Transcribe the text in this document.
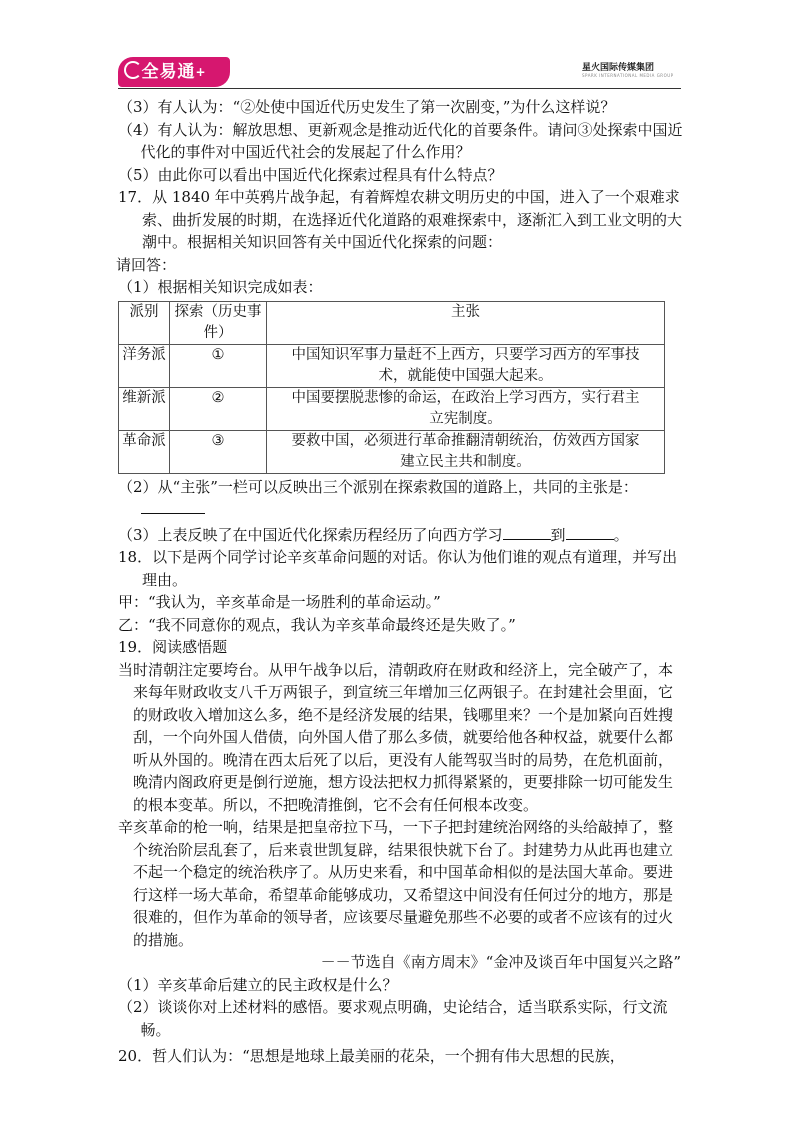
全易通+	星火国际传媒集团
SPARK INTERNATIONAL MEDIA GROUP
（3）有人认为：“②处使中国近代历史发生了第一次剧变，”为什么这样说？
（4）有人认为：解放思想、更新观念是推动近代化的首要条件。请问③处探索中国近代化的事件对中国近代社会的发展起了什么作用？
（5）由此你可以看出中国近代化探索过程具有什么特点？
17．从 1840 年中英鸦片战争起，有着辉煌农耕文明历史的中国，进入了一个艰难求索、曲折发展的时期，在选择近代化道路的艰难探索中，逐渐汇入到工业文明的大潮中。根据相关知识回答有关中国近代化探索的问题：
请回答：
（1）根据相关知识完成如表：
派别	探索（历史事件）	主张
洋务派	①	中国知识军事力量赶不上西方，只要学习西方的军事技术，就能使中国强大起来。
维新派	②	中国要摆脱悲惨的命运，在政治上学习西方，实行君主立宪制度。
革命派	③	要救中国，必须进行革命推翻清朝统治，仿效西方国家建立民主共和制度。
（2）从“主张”一栏可以反映出三个派别在探索救国的道路上，共同的主张是：

（3）上表反映了在中国近代化探索历程经历了向西方学习	到	。
18．以下是两个同学讨论辛亥革命问题的对话。你认为他们谁的观点有道理，并写出理由。
甲：“我认为，辛亥革命是一场胜利的革命运动。”
乙：“我不同意你的观点，我认为辛亥革命最终还是失败了。”
19．阅读感悟题
当时清朝注定要垮台。从甲午战争以后，清朝政府在财政和经济上，完全破产了，本来每年财政收支八千万两银子，到宣统三年增加三亿两银子。在封建社会里面，它的财政收入增加这么多，绝不是经济发展的结果，钱哪里来？一个是加紧向百姓搜刮，一个向外国人借债，向外国人借了那么多债，就要给他各种权益，就要什么都听从外国的。晚清在西太后死了以后，更没有人能驾驭当时的局势，在危机面前，晚清内阁政府更是倒行逆施，想方设法把权力抓得紧紧的，更要排除一切可能发生的根本变革。所以，不把晚清推倒，它不会有任何根本改变。
辛亥革命的枪一响，结果是把皇帝拉下马，一下子把封建统治网络的头给敲掉了，整个统治阶层乱套了，后来袁世凯复辟，结果很快就下台了。封建势力从此再也建立不起一个稳定的统治秩序了。从历史来看，和中国革命相似的是法国大革命。要进行这样一场大革命，希望革命能够成功，又希望这中间没有任何过分的地方，那是很难的，但作为革命的领导者，应该要尽量避免那些不必要的或者不应该有的过火的措施。
－－节选自《南方周末》“金冲及谈百年中国复兴之路”
（1）辛亥革命后建立的民主政权是什么？
（2）谈谈你对上述材料的感悟。要求观点明确，史论结合，适当联系实际，行文流畅。
20．哲人们认为：“思想是地球上最美丽的花朵，一个拥有伟大思想的民族，
